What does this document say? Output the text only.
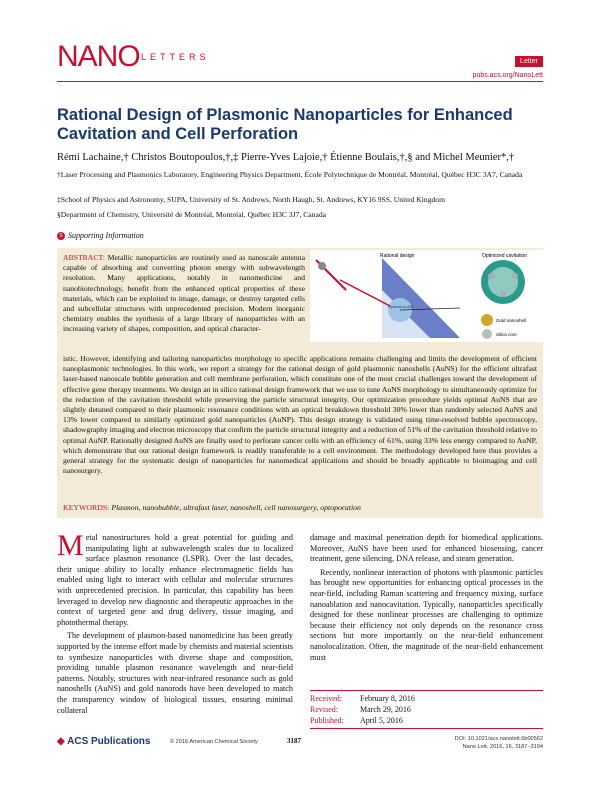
NANO LETTERS	Letter
pubs.acs.org/NanoLett
Rational Design of Plasmonic Nanoparticles for Enhanced Cavitation and Cell Perforation
Rémi Lachaine,† Christos Boutopoulos,†,‡ Pierre-Yves Lajoie,† Étienne Boulais,†,§ and Michel Meunier*,†
†Laser Processing and Plasmonics Laboratory, Engineering Physics Department, École Polytechnique de Montréal, Montréal, Québec H3C 3A7, Canada
‡School of Physics and Astronomy, SUPA, University of St. Andrews, North Haugh, St. Andrews, KY16 9SS, United Kingdom
§Department of Chemistry, Université de Montréal, Montréal, Québec H3C 3J7, Canada
S Supporting Information
ABSTRACT: Metallic nanoparticles are routinely used as nanoscale antenna capable of absorbing and converting photon energy with subwavelength resolution. Many applications, notably in nanomedicine and nanobiotechnology, benefit from the enhanced optical properties of these materials, which can be exploited to image, damage, or destroy targeted cells and subcellular structures with unprecedented precision. Modern inorganic chemistry enables the synthesis of a large library of nanoparticles with an increasing variety of shapes, composition, and optical character-
istic. However, identifying and tailoring nanoparticles morphology to specific applications remains challenging and limits the development of efficient nanoplasmonic technologies. In this work, we report a strategy for the rational design of gold plasmonic nanoshells (AuNS) for the efficient ultrafast laser-based nanoscale bubble generation and cell membrane perforation, which constitute one of the most crucial challenges toward the development of effective gene therapy treatments. We design an in silico rational design framework that we use to tune AuNS morphology to simultaneously optimize for the reduction of the cavitation threshold while preserving the particle structural integrity. Our optimization procedure yields optimal AuNS that are slightly detuned compared to their plasmonic resonance conditions with an optical breakdown threshold 30% lower than randomly selected AuNS and 13% lower compared to similarly optimized gold nanoparticles (AuNP). This design strategy is validated using time-resolved bubble spectroscopy, shadowgraphy imaging and electron microscopy that confirm the particle structural integrity and a reduction of 51% of the cavitation threshold relative to optimal AuNP. Rationally designed AuNS are finally used to perforate cancer cells with an efficiency of 61%, using 33% less energy compared to AuNP, which demonstrate that our rational design framework is readily transferable to a cell environment. The methodology developed here thus provides a general strategy for the systematic design of nanoparticles for nanomedical applications and should be broadly applicable to bioimaging and cell nanosurgery.
Rational design
Optimal AuNS
Optimized cavitation
Gold nanoshell
Silica core
KEYWORDS: Plasmon, nanobubble, ultrafast laser, nanoshell, cell nanosurgery, optoporation

Metal nanostructures hold a great potential for guiding and manipulating light at subwavelength scales due to localized surface plasmon resonance (LSPR). Over the last decades, their unique ability to locally enhance electromagnetic fields has enabled using light to interact with cellular and molecular structures with unprecedented precision. In particular, this capability has been leveraged to develop new diagnostic and therapeutic approaches in the context of targeted gene and drug delivery, tissue imaging, and photothermal therapy.

The development of plasmon-based nanomedicine has been greatly supported by the intense effort made by chemists and material scientists to synthesize nanoparticles with diverse shape and composition, providing tunable plasmon resonance wavelength and near-field patterns. Notably, structures with near-infrared resonance such as gold nanoshells (AuNS) and gold nanorods have been developed to match the transparency window of biological tissues, ensuring minimal collateral

damage and maximal penetration depth for biomedical applications. Moreover, AuNS have been used for enhanced biosensing, cancer treatment, gene silencing, DNA release, and steam generation.

Recently, nonlinear interaction of photons with plasmonic particles has brought new opportunities for enhancing optical processes in the near-field, including Raman scattering and frequency mixing, surface nanoablation and nanocavitation. Typically, nanoparticles specifically designed for these nonlinear processes are challenging to optimize because their efficiency not only depends on the resonance cross sections but more importantly on the near-field enhancement nanolocalization. Often, the magnitude of the near-field enhancement must

Received: February 8, 2016
Revised:	March 29, 2016
Published: April 5, 2016
◆ ACS Publications	© 2016 American Chemical Society	3187	DOI: 10.1021/acs.nanolett.6b00562
Nano Lett. 2016, 16, 3187−3194
